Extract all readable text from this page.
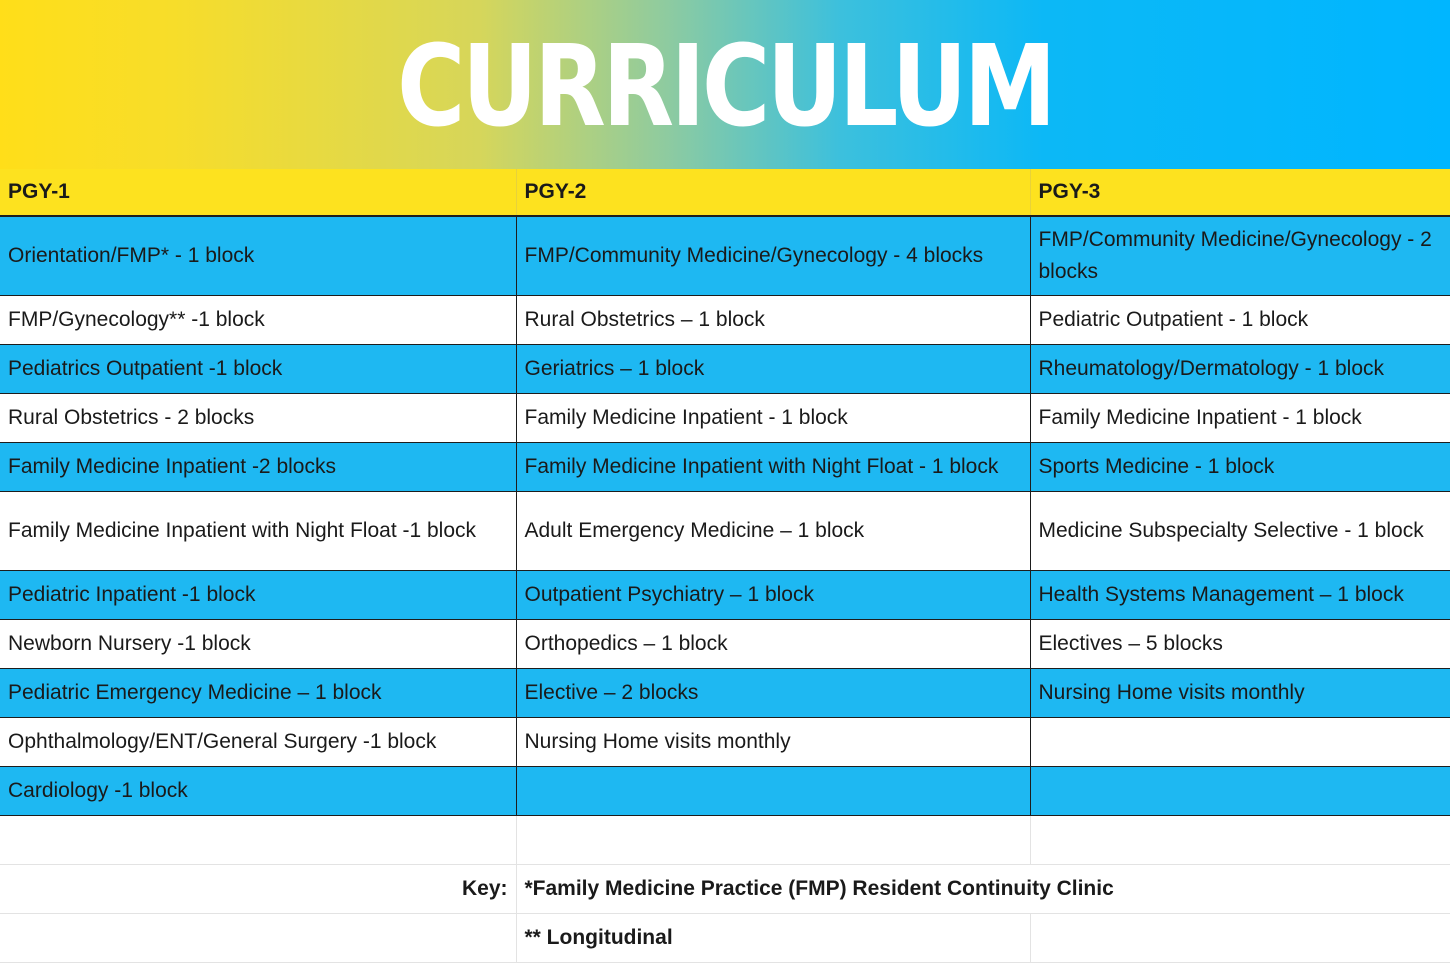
CURRICULUM
PGY-1	PGY-2	PGY-3
Orientation/FMP* - 1 block	FMP/Community Medicine/Gynecology - 4 blocks	FMP/Community Medicine/Gynecology - 2 blocks
FMP/Gynecology** -1 block	Rural Obstetrics – 1 block	Pediatric Outpatient - 1 block
Pediatrics Outpatient -1 block	Geriatrics – 1 block	Rheumatology/Dermatology - 1 block
Rural Obstetrics - 2 blocks	Family Medicine Inpatient - 1 block	Family Medicine Inpatient - 1 block
Family Medicine Inpatient -2 blocks	Family Medicine Inpatient with Night Float - 1 block	Sports Medicine - 1 block
Family Medicine Inpatient with Night Float -1 block	Adult Emergency Medicine – 1 block	Medicine Subspecialty Selective - 1 block
Pediatric Inpatient -1 block	Outpatient Psychiatry – 1 block	Health Systems Management – 1 block
Newborn Nursery -1 block	Orthopedics – 1 block	Electives – 5 blocks
Pediatric Emergency Medicine – 1 block	Elective – 2 blocks	Nursing Home visits monthly
Ophthalmology/ENT/General Surgery -1 block	Nursing Home visits monthly	
Cardiology -1 block		

Key:	*Family Medicine Practice (FMP) Resident Continuity Clinic	
	** Longitudinal	
